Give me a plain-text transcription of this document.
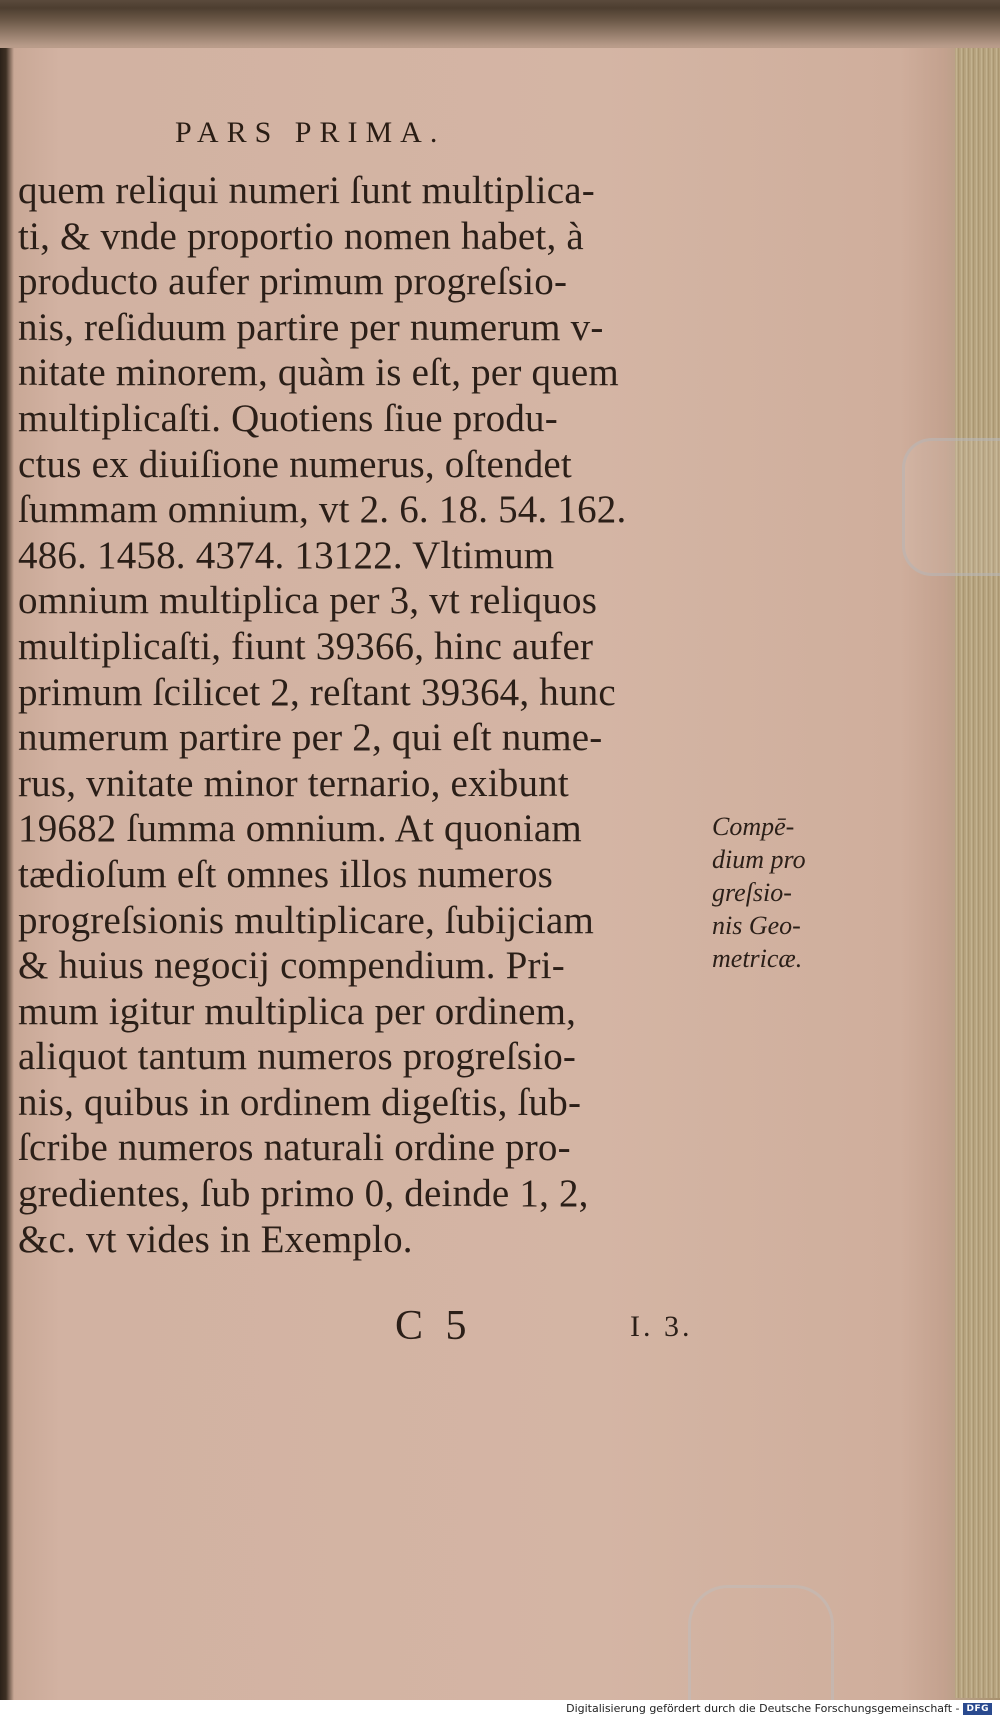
PARS PRIMA.
quem reliqui numeri ſunt multiplica-
ti, & vnde proportio nomen habet, à
producto aufer primum progreſsio-
nis, reſiduum partire per numerum v-
nitate minorem, quàm is eſt, per quem
multiplicaſti. Quotiens ſiue produ-
ctus ex diuiſione numerus, oſtendet
ſummam omnium, vt 2. 6. 18. 54. 162.
486. 1458. 4374. 13122. Vltimum
omnium multiplica per 3, vt reliquos
multiplicaſti, fiunt 39366, hinc aufer
primum ſcilicet 2, reſtant 39364, hunc
numerum partire per 2, qui eſt nume-
rus, vnitate minor ternario, exibunt
19682 ſumma omnium. At quoniam
tædioſum eſt omnes illos numeros
progreſsionis multiplicare, ſubijciam
& huius negocij compendium. Pri-
mum igitur multiplica per ordinem,
aliquot tantum numeros progreſsio-
nis, quibus in ordinem digeſtis, ſub-
ſcribe numeros naturali ordine pro-
gredientes, ſub primo 0, deinde 1, 2,
&c. vt vides in Exemplo.
Compē-
dium pro
greſsio-
nis Geo-
metricæ.
C 5	I. 3.
Digitalisierung gefördert durch die Deutsche Forschungsgemeinschaft - DFG
